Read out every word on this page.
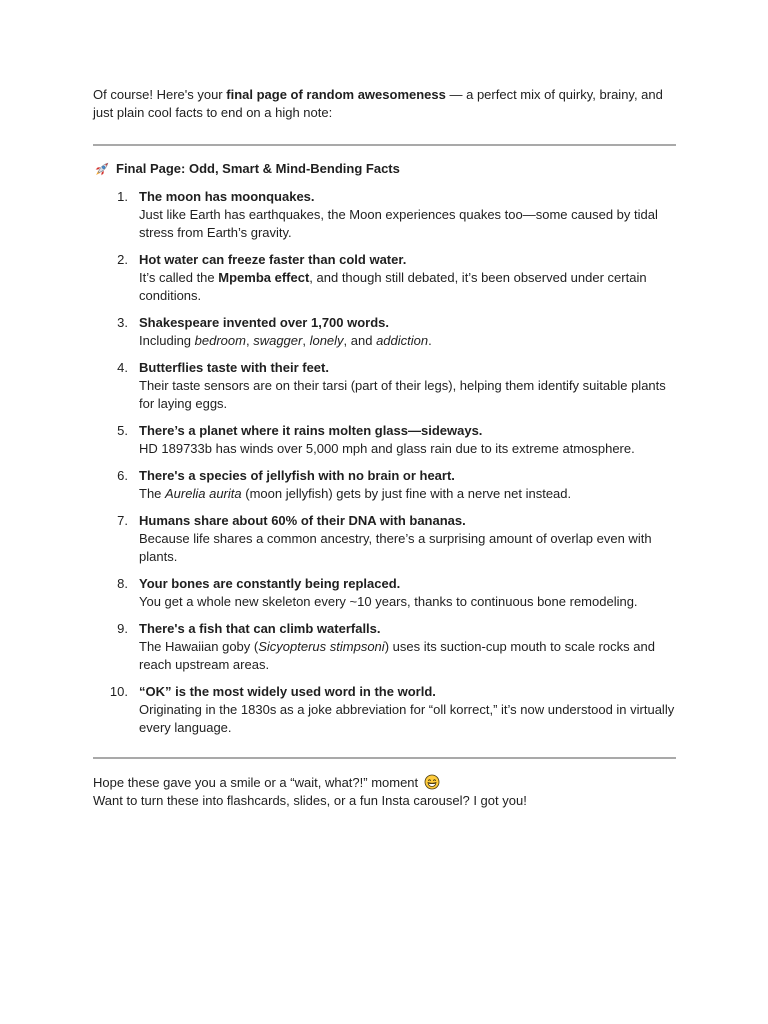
Of course! Here's your final page of random awesomeness — a perfect mix of quirky, brainy, and just plain cool facts to end on a high note:

Final Page: Odd, Smart & Mind-Bending Facts
1. The moon has moonquakes.
Just like Earth has earthquakes, the Moon experiences quakes too—some caused by tidal stress from Earth’s gravity.
2. Hot water can freeze faster than cold water.
It’s called the Mpemba effect, and though still debated, it’s been observed under certain conditions.
3. Shakespeare invented over 1,700 words.
Including bedroom, swagger, lonely, and addiction.
4. Butterflies taste with their feet.
Their taste sensors are on their tarsi (part of their legs), helping them identify suitable plants for laying eggs.
5. There’s a planet where it rains molten glass—sideways.
HD 189733b has winds over 5,000 mph and glass rain due to its extreme atmosphere.
6. There's a species of jellyfish with no brain or heart.
The Aurelia aurita (moon jellyfish) gets by just fine with a nerve net instead.
7. Humans share about 60% of their DNA with bananas.
Because life shares a common ancestry, there’s a surprising amount of overlap even with plants.
8. Your bones are constantly being replaced.
You get a whole new skeleton every ~10 years, thanks to continuous bone remodeling.
9. There's a fish that can climb waterfalls.
The Hawaiian goby (Sicyopterus stimpsoni) uses its suction-cup mouth to scale rocks and reach upstream areas.
10. “OK” is the most widely used word in the world.
Originating in the 1830s as a joke abbreviation for “oll korrect,” it’s now understood in virtually every language.

Hope these gave you a smile or a “wait, what?!” moment

Want to turn these into flashcards, slides, or a fun Insta carousel? I got you!
